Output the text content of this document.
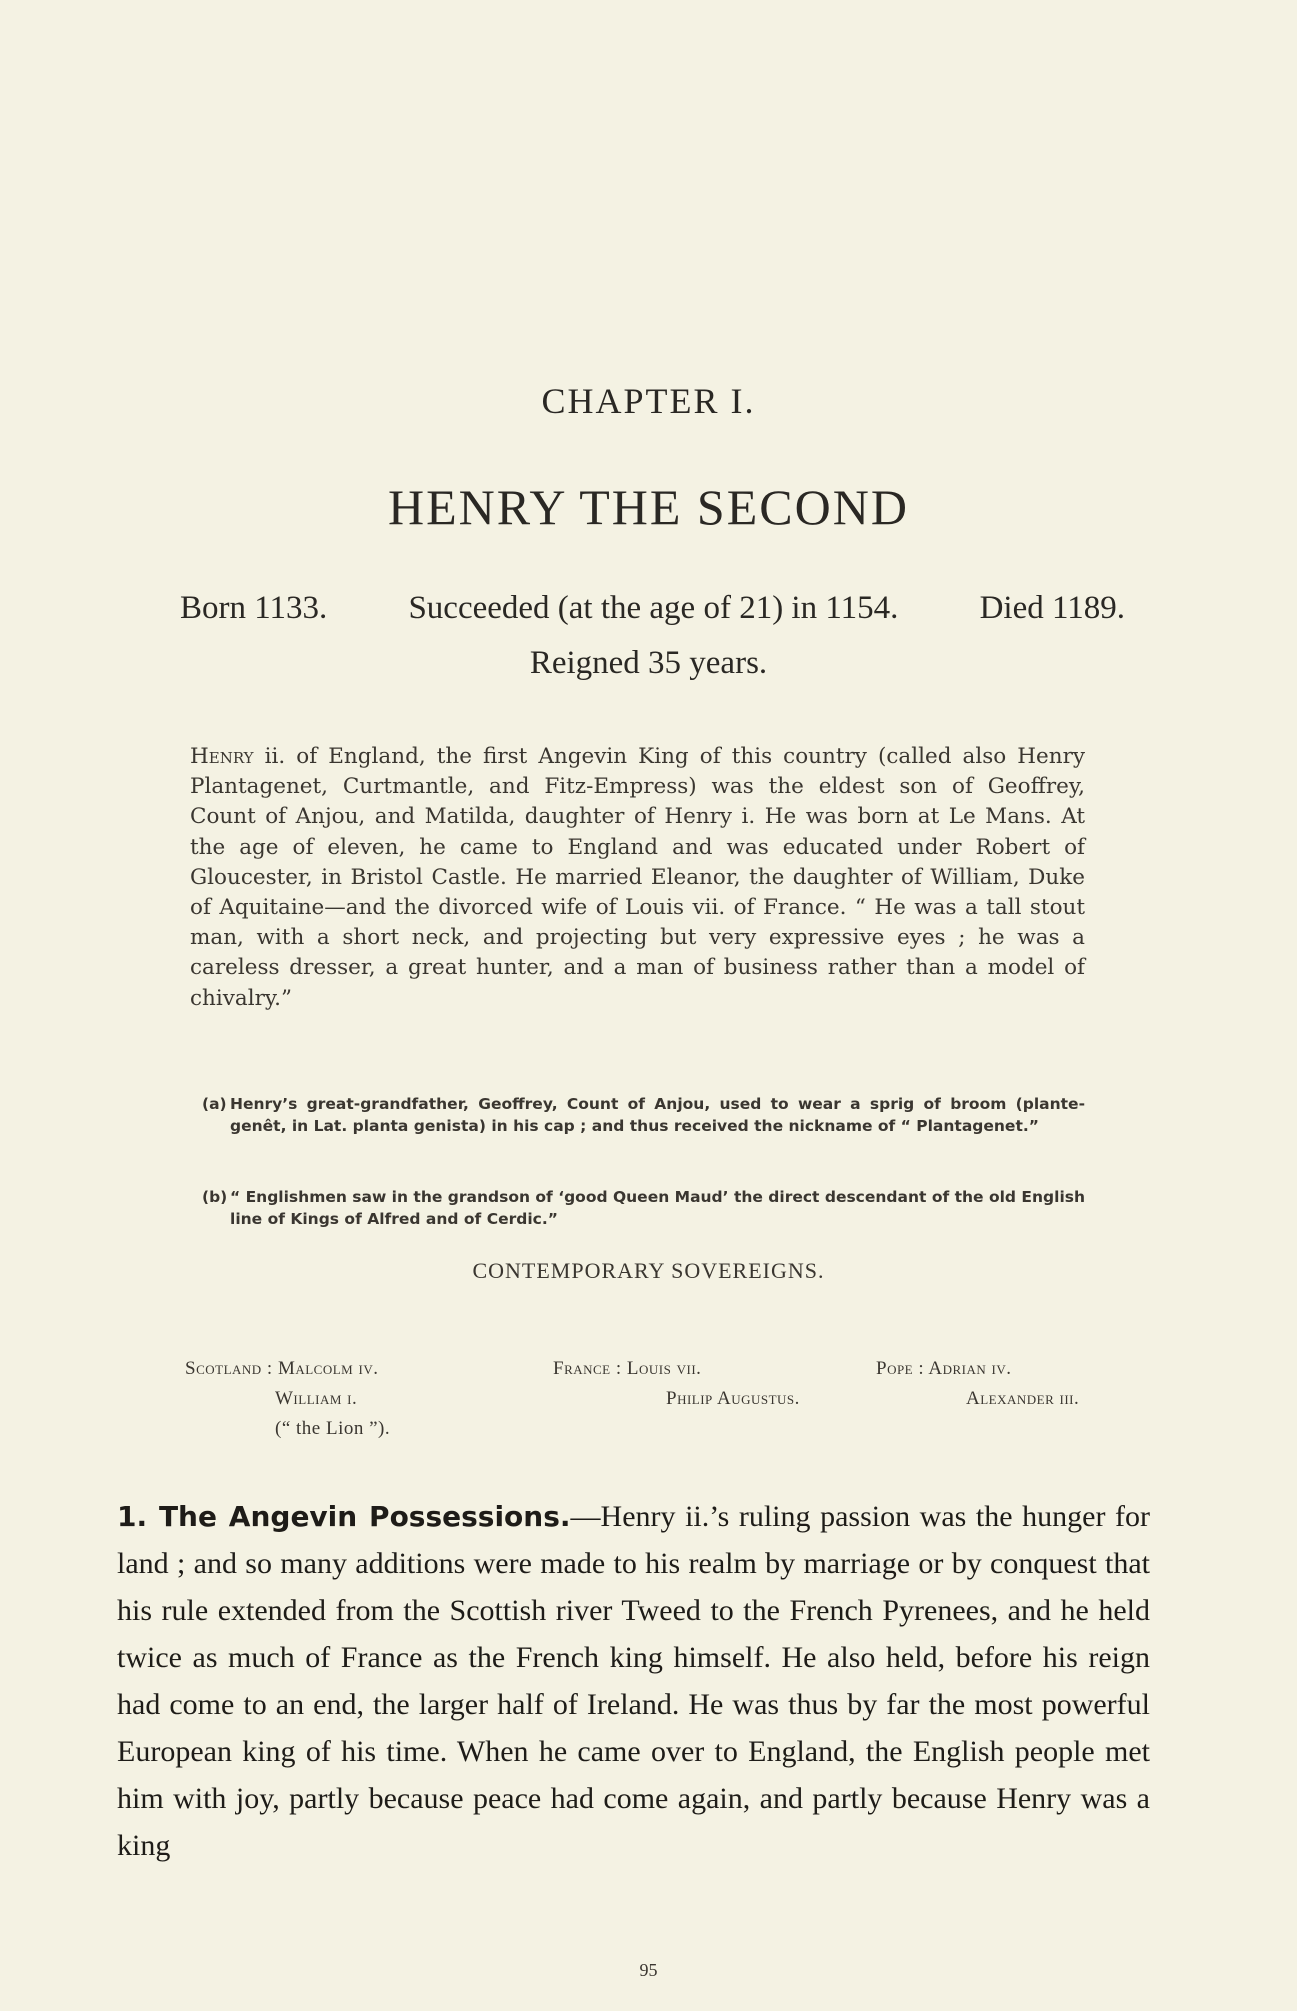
CHAPTER I.
HENRY THE SECOND
Born 1133. Succeeded (at the age of 21) in 1154. Died 1189.
Reigned 35 years.
Henry ii. of England, the first Angevin King of this country (called also Henry Plantagenet, Curtmantle, and Fitz-Empress) was the eldest son of Geoffrey, Count of Anjou, and Matilda, daughter of Henry i. He was born at Le Mans. At the age of eleven, he came to England and was educated under Robert of Gloucester, in Bristol Castle. He married Eleanor, the daughter of William, Duke of Aquitaine—and the divorced wife of Louis vii. of France. “ He was a tall stout man, with a short neck, and projecting but very expressive eyes ; he was a careless dresser, a great hunter, and a man of business rather than a model of chivalry.”
(a) Henry’s great-grandfather, Geoffrey, Count of Anjou, used to wear a sprig of broom (plante-genêt, in Lat. planta genista) in his cap ; and thus received the nickname of “ Plantagenet.”
(b) “ Englishmen saw in the grandson of ‘good Queen Maud’ the direct descendant of the old English line of Kings of Alfred and of Cerdic.”
CONTEMPORARY SOVEREIGNS.
Scotland : Malcolm iv.
William i.
(“ the Lion ”).
France : Louis vii.
Philip Augustus.
Pope : Adrian iv.
Alexander iii.
1. The Angevin Possessions.—Henry ii.’s ruling passion was the hunger for land ; and so many additions were made to his realm by marriage or by conquest that his rule extended from the Scottish river Tweed to the French Pyrenees, and he held twice as much of France as the French king himself. He also held, before his reign had come to an end, the larger half of Ireland. He was thus by far the most powerful European king of his time. When he came over to England, the English people met him with joy, partly because peace had come again, and partly because Henry was a king
95
